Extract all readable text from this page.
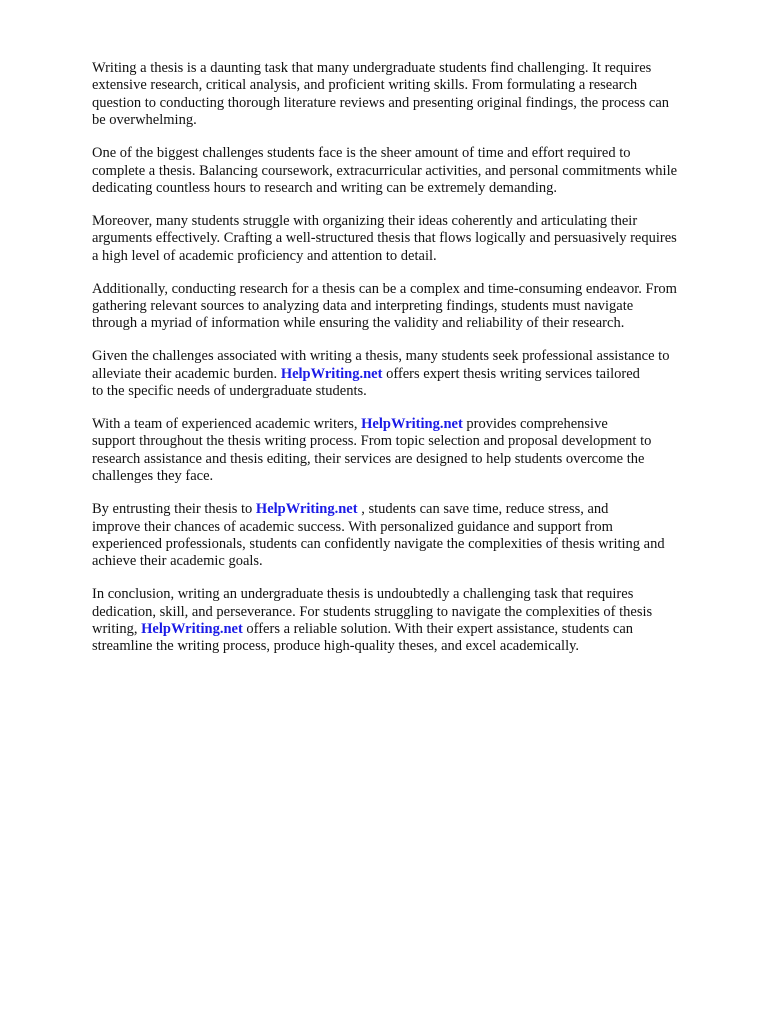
Writing a thesis is a daunting task that many undergraduate students find challenging. It requires
extensive research, critical analysis, and proficient writing skills. From formulating a research
question to conducting thorough literature reviews and presenting original findings, the process can
be overwhelming.

One of the biggest challenges students face is the sheer amount of time and effort required to
complete a thesis. Balancing coursework, extracurricular activities, and personal commitments while
dedicating countless hours to research and writing can be extremely demanding.

Moreover, many students struggle with organizing their ideas coherently and articulating their
arguments effectively. Crafting a well-structured thesis that flows logically and persuasively requires
a high level of academic proficiency and attention to detail.

Additionally, conducting research for a thesis can be a complex and time-consuming endeavor. From
gathering relevant sources to analyzing data and interpreting findings, students must navigate
through a myriad of information while ensuring the validity and reliability of their research.

Given the challenges associated with writing a thesis, many students seek professional assistance to
alleviate their academic burden. HelpWriting.net offers expert thesis writing services tailored
to the specific needs of undergraduate students.

With a team of experienced academic writers, HelpWriting.net provides comprehensive
support throughout the thesis writing process. From topic selection and proposal development to
research assistance and thesis editing, their services are designed to help students overcome the
challenges they face.

By entrusting their thesis to HelpWriting.net , students can save time, reduce stress, and
improve their chances of academic success. With personalized guidance and support from
experienced professionals, students can confidently navigate the complexities of thesis writing and
achieve their academic goals.

In conclusion, writing an undergraduate thesis is undoubtedly a challenging task that requires
dedication, skill, and perseverance. For students struggling to navigate the complexities of thesis
writing, HelpWriting.net offers a reliable solution. With their expert assistance, students can
streamline the writing process, produce high-quality theses, and excel academically.
